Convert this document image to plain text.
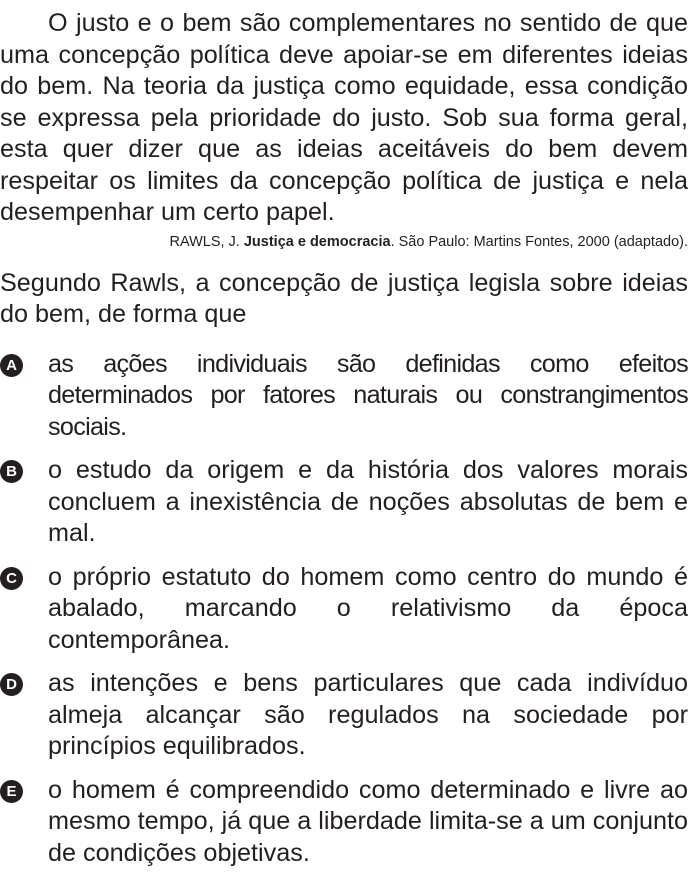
O justo e o bem são complementares no sentido de que uma concepção política deve apoiar-se em diferentes ideias do bem. Na teoria da justiça como equidade, essa condição se expressa pela prioridade do justo. Sob sua forma geral, esta quer dizer que as ideias aceitáveis do bem devem respeitar os limites da concepção política de justiça e nela desempenhar um certo papel.

RAWLS, J. Justiça e democracia. São Paulo: Martins Fontes, 2000 (adaptado).

Segundo Rawls, a concepção de justiça legisla sobre ideias do bem, de forma que

A as ações individuais são definidas como efeitos determinados por fatores naturais ou constrangimentos sociais.
B o estudo da origem e da história dos valores morais concluem a inexistência de noções absolutas de bem e mal.
C o próprio estatuto do homem como centro do mundo é abalado, marcando o relativismo da época contemporânea.
D as intenções e bens particulares que cada indivíduo almeja alcançar são regulados na sociedade por princípios equilibrados.
E o homem é compreendido como determinado e livre ao mesmo tempo, já que a liberdade limita-se a um conjunto de condições objetivas.
